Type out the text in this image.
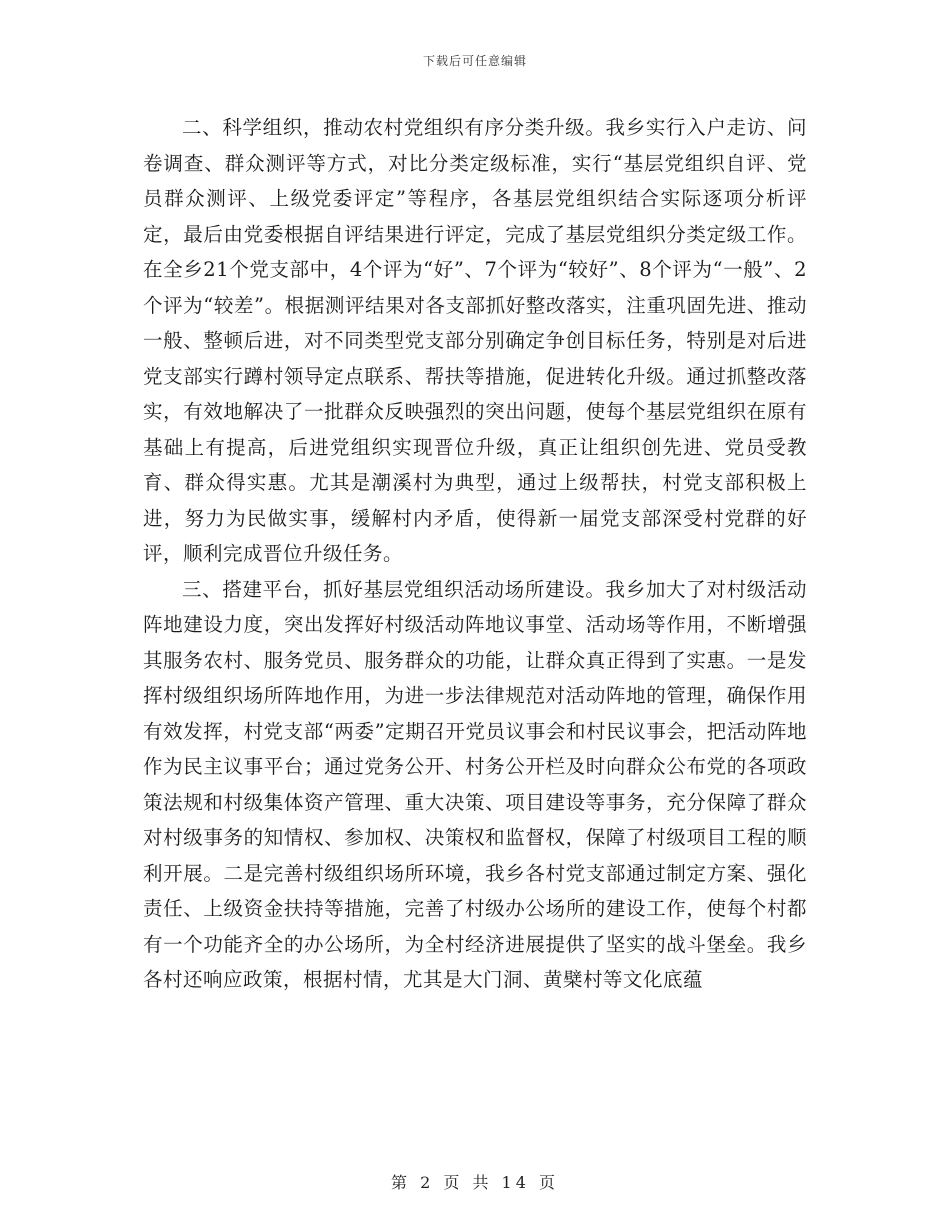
下载后可任意编辑

二、科学组织，推动农村党组织有序分类升级。我乡实行入户走访、问卷调查、群众测评等方式，对比分类定级标准，实行“基层党组织自评、党员群众测评、上级党委评定”等程序，各基层党组织结合实际逐项分析评定，最后由党委根据自评结果进行评定，完成了基层党组织分类定级工作。在全乡21个党支部中，4个评为“好”、7个评为“较好”、8个评为“一般”、2个评为“较差”。根据测评结果对各支部抓好整改落实，注重巩固先进、推动一般、整顿后进，对不同类型党支部分别确定争创目标任务，特别是对后进党支部实行蹲村领导定点联系、帮扶等措施，促进转化升级。通过抓整改落实，有效地解决了一批群众反映强烈的突出问题，使每个基层党组织在原有基础上有提高，后进党组织实现晋位升级，真正让组织创先进、党员受教育、群众得实惠。尤其是潮溪村为典型，通过上级帮扶，村党支部积极上进，努力为民做实事，缓解村内矛盾，使得新一届党支部深受村党群的好评，顺利完成晋位升级任务。

三、搭建平台，抓好基层党组织活动场所建设。我乡加大了对村级活动阵地建设力度，突出发挥好村级活动阵地议事堂、活动场等作用，不断增强其服务农村、服务党员、服务群众的功能，让群众真正得到了实惠。一是发挥村级组织场所阵地作用，为进一步法律规范对活动阵地的管理，确保作用有效发挥，村党支部“两委”定期召开党员议事会和村民议事会，把活动阵地作为民主议事平台；通过党务公开、村务公开栏及时向群众公布党的各项政策法规和村级集体资产管理、重大决策、项目建设等事务，充分保障了群众对村级事务的知情权、参加权、决策权和监督权，保障了村级项目工程的顺利开展。二是完善村级组织场所环境，我乡各村党支部通过制定方案、强化责任、上级资金扶持等措施，完善了村级办公场所的建设工作，使每个村都有一个功能齐全的办公场所，为全村经济进展提供了坚实的战斗堡垒。我乡各村还响应政策，根据村情，尤其是大门洞、黄檗村等文化底蕴

第 2 页 共 14 页
